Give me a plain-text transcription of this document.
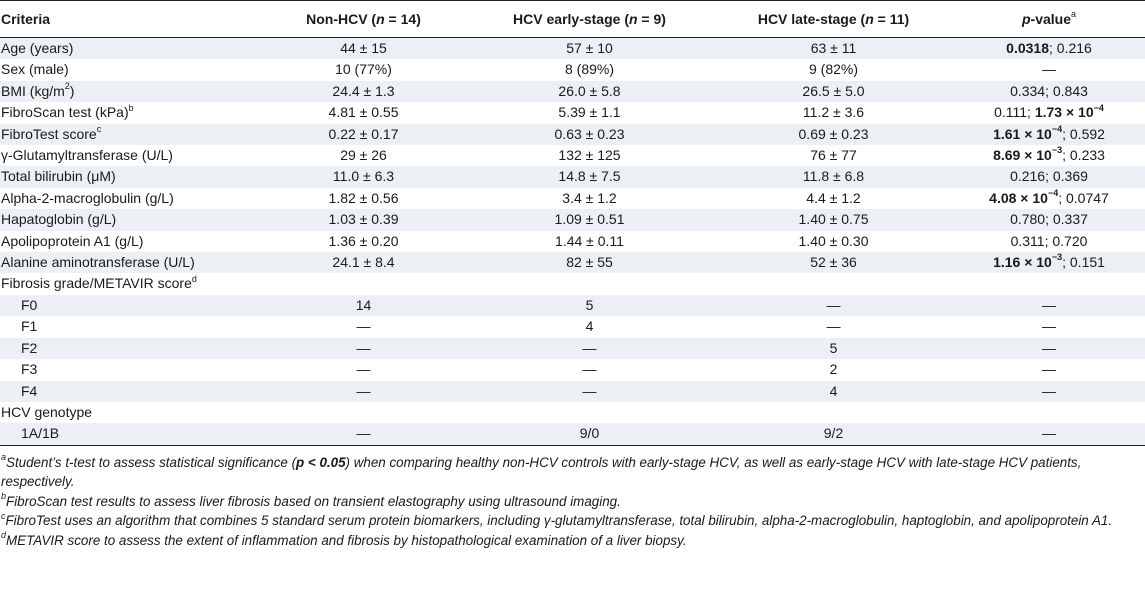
Criteria	Non-HCV (n = 14)	HCV early-stage (n = 9)	HCV late-stage (n = 11)	p-value$^a$
Age (years)	44 ± 15	57 ± 10	63 ± 11	0.0318; 0.216
Sex (male)	10 (77%)	8 (89%)	9 (82%)	—
BMI $(kg/m^2)$	24.4 ± 1.3	26.0 ± 5.8	26.5 ± 5.0	0.334; 0.843
FibroScan test (kPa)$^b$	4.81 ± 0.55	5.39 ± 1.1	11.2 ± 3.6	0.111; $1.73 \times 10^{-4}$
FibroTest score$^c$	0.22 ± 0.17	0.63 ± 0.23	0.69 ± 0.23	$1.61 \times 10^{-4}$; 0.592
γ-Glutamyltransferase (U/L)	29 ± 26	132 ± 125	76 ± 77	$8.69 \times 10^{-3}$; 0.233
Total bilirubin (μM)	11.0 ± 6.3	14.8 ± 7.5	11.8 ± 6.8	0.216; 0.369
Alpha-2-macroglobulin (g/L)	1.82 ± 0.56	3.4 ± 1.2	4.4 ± 1.2	$4.08 \times 10^{-4}$; 0.0747
Hapatoglobin (g/L)	1.03 ± 0.39	1.09 ± 0.51	1.40 ± 0.75	0.780; 0.337
Apolipoprotein A1 (g/L)	1.36 ± 0.20	1.44 ± 0.11	1.40 ± 0.30	0.311; 0.720
Alanine aminotransferase (U/L)	24.1 ± 8.4	82 ± 55	52 ± 36	$1.16 \times 10^{-3}$; 0.151
Fibrosis grade/METAVIR score$^d$				
F0	14	5	—	—
F1	—	4	—	—
F2	—	—	5	—
F3	—	—	2	—
F4	—	—	4	—
HCV genotype				
1A/1B	—	9/0	9/2	—

$^a$Student’s t-test to assess statistical significance (p < 0.05) when comparing healthy non-HCV controls with early-stage HCV, as well as early-stage HCV with late-stage HCV patients, respectively.

$^b$FibroScan test results to assess liver fibrosis based on transient elastography using ultrasound imaging.

$^c$FibroTest uses an algorithm that combines 5 standard serum protein biomarkers, including γ-glutamyltransferase, total bilirubin, alpha-2-macroglobulin, haptoglobin, and apolipoprotein A1.

$^d$METAVIR score to assess the extent of inflammation and fibrosis by histopathological examination of a liver biopsy.
